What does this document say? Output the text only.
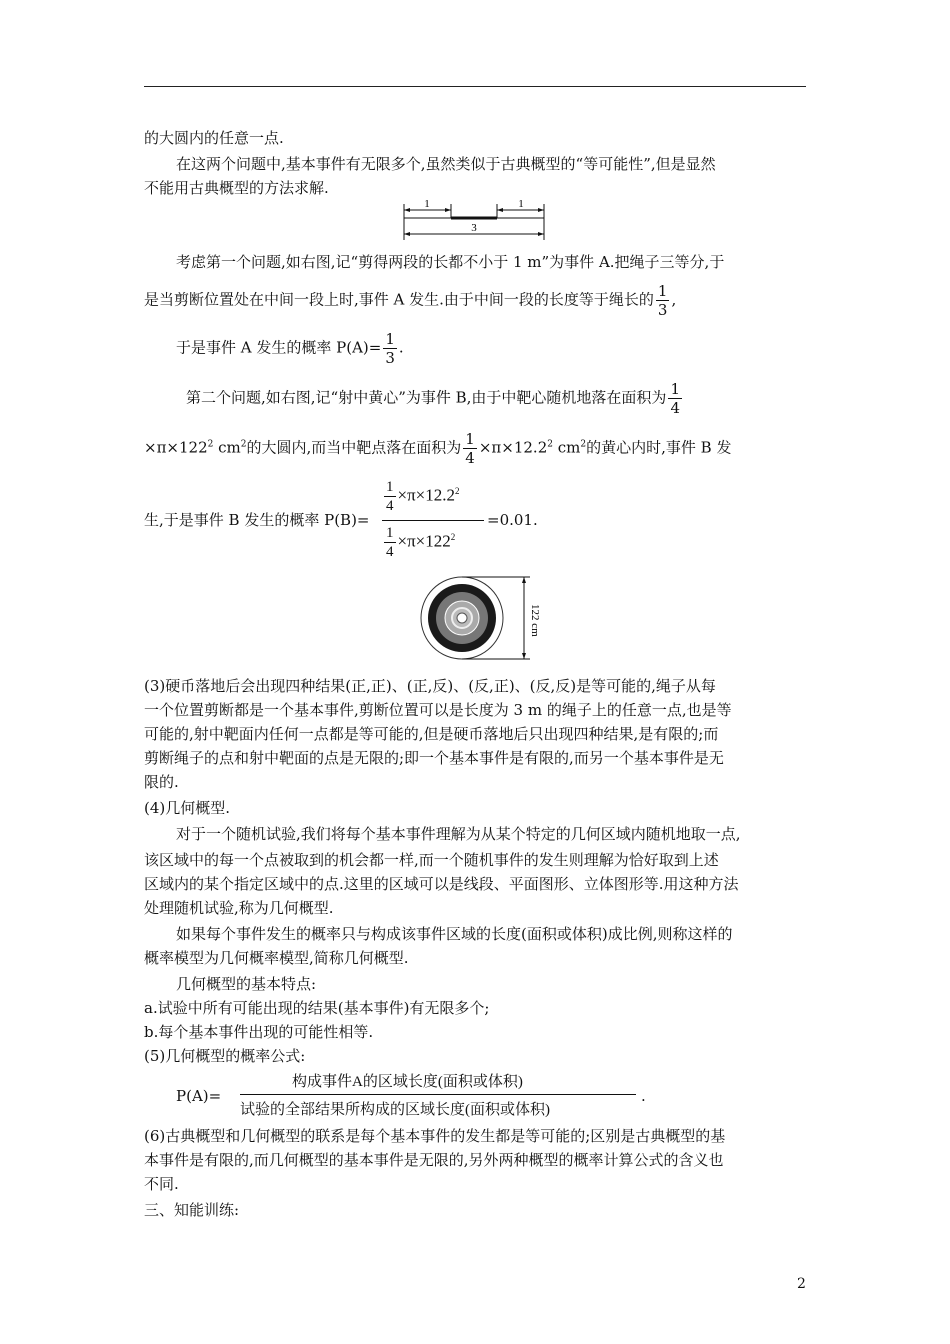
的大圆内的任意一点.
在这两个问题中,基本事件有无限多个,虽然类似于古典概型的“等可能性”,但是显然
不能用古典概型的方法求解.
1	1
3
考虑第一个问题,如右图,记“剪得两段的长都不小于 1 m”为事件 A.把绳子三等分,于
是当剪断位置处在中间一段上时,事件 A 发生.由于中间一段的长度等于绳长的 $\frac{1}{3}$ ,
于是事件 A 发生的概率 $P(A)= \frac{1}{3}$ .
第二个问题,如右图,记“射中黄心”为事件 B,由于中靶心随机地落在面积为 $\frac{1}{4}$
$\times\pi\times 122^2$ $cm^2$的大圆内,而当中靶点落在面积为 $\frac{1}{4} \times\pi\times 12.2^2$ $cm^2$的黄心内时,事件 B 发
生,于是事件 B 发生的概率 P(B)=
$\frac{1}{4} \times\pi\times 12.2^2$
$\frac{1}{4} \times\pi\times 122^2$
=0.01.
122 cm
(3)硬币落地后会出现四种结果(正,正)、(正,反)、(反,正)、(反,反)是等可能的,绳子从每
一个位置剪断都是一个基本事件,剪断位置可以是长度为 3 m 的绳子上的任意一点,也是等
可能的,射中靶面内任何一点都是等可能的,但是硬币落地后只出现四种结果,是有限的;而
剪断绳子的点和射中靶面的点是无限的;即一个基本事件是有限的,而另一个基本事件是无
限的.
(4)几何概型.
对于一个随机试验,我们将每个基本事件理解为从某个特定的几何区域内随机地取一点,
该区域中的每一个点被取到的机会都一样,而一个随机事件的发生则理解为恰好取到上述
区域内的某个指定区域中的点.这里的区域可以是线段、平面图形、立体图形等.用这种方法
处理随机试验,称为几何概型.
如果每个事件发生的概率只与构成该事件区域的长度(面积或体积)成比例,则称这样的
概率模型为几何概率模型,简称几何概型.
几何概型的基本特点:
a.试验中所有可能出现的结果(基本事件)有无限多个;
b.每个基本事件出现的可能性相等.
(5)几何概型的概率公式:
P(A)=
构成事件A的区域长度(面积或体积)
试验的全部结果所构成的区域长度(面积或体积)
.
(6)古典概型和几何概型的联系是每个基本事件的发生都是等可能的;区别是古典概型的基
本事件是有限的,而几何概型的基本事件是无限的,另外两种概型的概率计算公式的含义也
不同.
三、知能训练:
2
